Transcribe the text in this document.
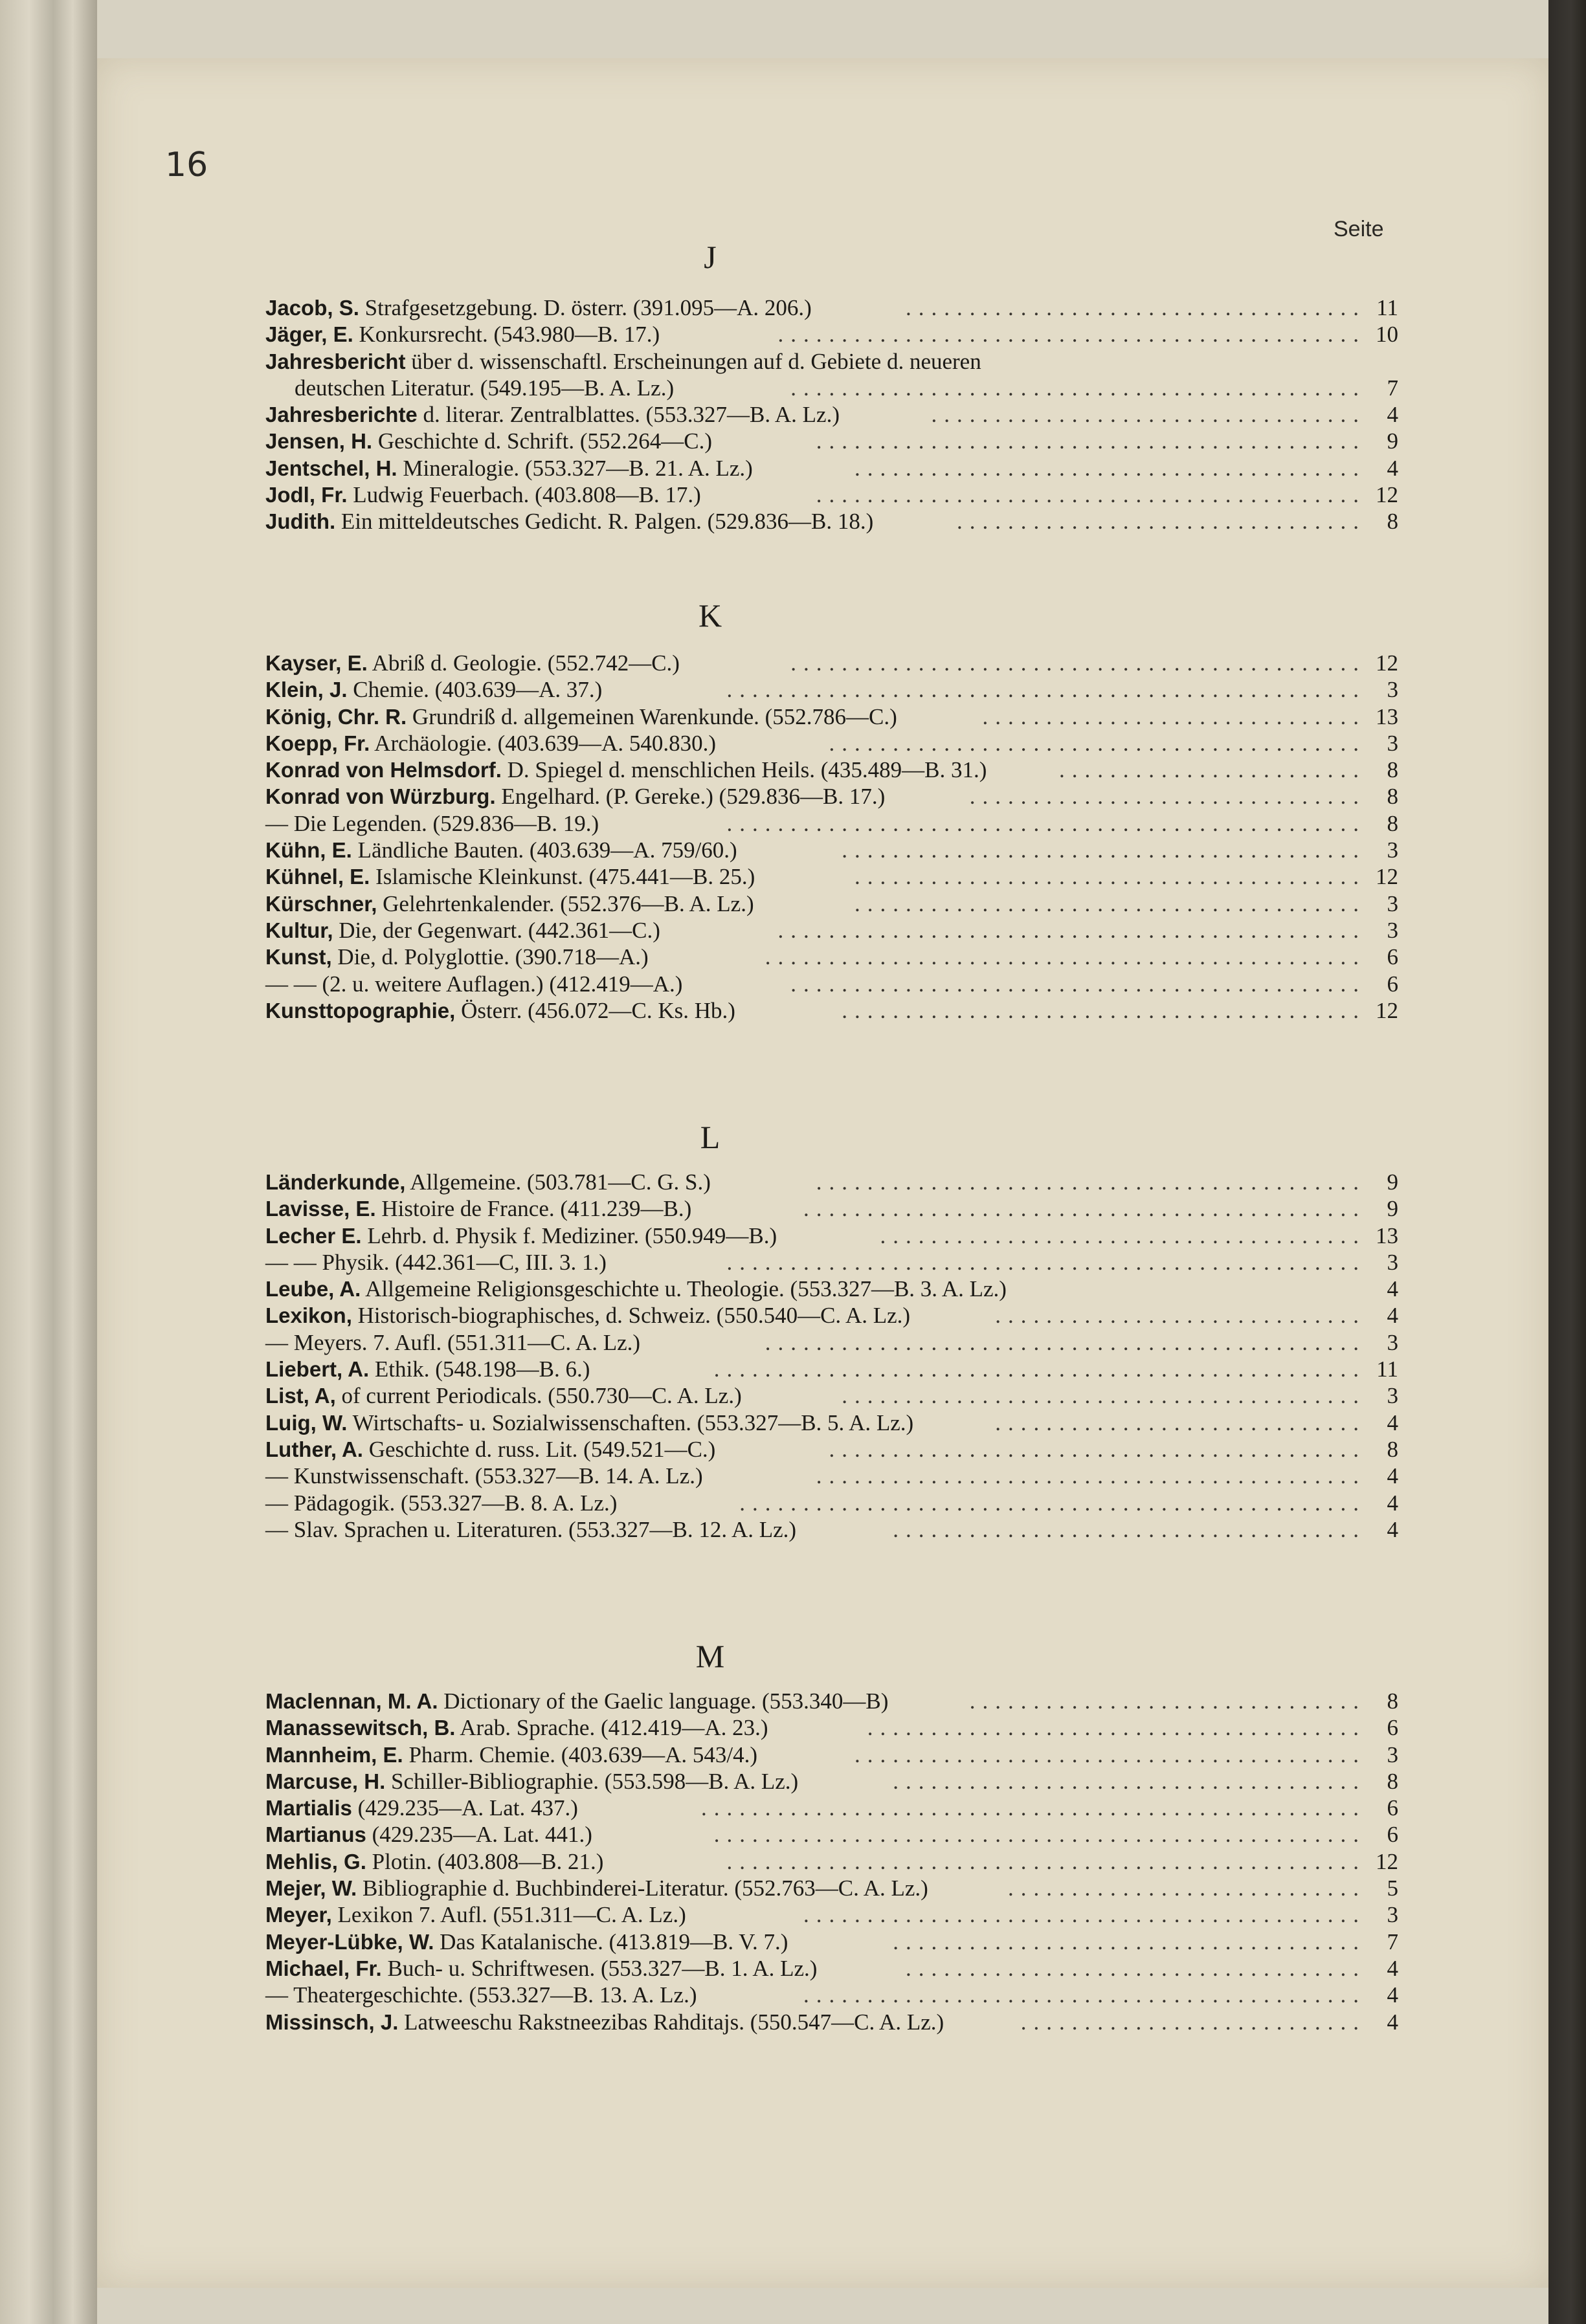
16
Seite
J
Jacob, S. Strafgesetzgebung. D. österr. (391.095—A. 206.)	11
....................................
Jäger, E. Konkursrecht. (543.980—B. 17.)	10
..............................................
Jahresbericht über d. wissenschaftl. Erscheinungen auf d. Gebiete d. neueren
deutschen Literatur. (549.195—B. A. Lz.)	7
.............................................
Jahresberichte d. literar. Zentralblattes. (553.327—B. A. Lz.)	4
..................................
Jensen, H. Geschichte d. Schrift. (552.264—C.)	9
...........................................
Jentschel, H. Mineralogie. (553.327—B. 21. A. Lz.)	4
........................................
Jodl, Fr. Ludwig Feuerbach. (403.808—B. 17.)	12
...........................................
Judith. Ein mitteldeutsches Gedicht. R. Palgen. (529.836—B. 18.)	8
................................
K
Kayser, E. Abriß d. Geologie. (552.742—C.)	12
.............................................
Klein, J. Chemie. (403.639—A. 37.)	3
..................................................
König, Chr. R. Grundriß d. allgemeinen Warenkunde. (552.786—C.)	13
..............................
Koepp, Fr. Archäologie. (403.639—A. 540.830.)	3
..........................................
Konrad von Helmsdorf. D. Spiegel d. menschlichen Heils. (435.489—B. 31.)	8
........................
Konrad von Würzburg. Engelhard. (P. Gereke.) (529.836—B. 17.)	8
...............................
— Die Legenden. (529.836—B. 19.)	8
..................................................
Kühn, E. Ländliche Bauten. (403.639—A. 759/60.)	3
.........................................
Kühnel, E. Islamische Kleinkunst. (475.441—B. 25.)	12
........................................
Kürschner, Gelehrtenkalender. (552.376—B. A. Lz.)	3
........................................
Kultur, Die, der Gegenwart. (442.361—C.)	3
..............................................
Kunst, Die, d. Polyglottie. (390.718—A.)	6
...............................................
— — (2. u. weitere Auflagen.) (412.419—A.)	6
.............................................
Kunsttopographie, Österr. (456.072—C. Ks. Hb.)	12
.........................................
L
Länderkunde, Allgemeine. (503.781—C. G. S.)	9
...........................................
Lavisse, E. Histoire de France. (411.239—B.)	9
............................................
Lecher E. Lehrb. d. Physik f. Mediziner. (550.949—B.)	13
......................................
— — Physik. (442.361—C, III. 3. 1.)	3
..................................................
Leube, A. Allgemeine Religionsgeschichte u. Theologie. (553.327—B. 3. A. Lz.)	4
Lexikon, Historisch-biographisches, d. Schweiz. (550.540—C. A. Lz.)	4
.............................
— Meyers. 7. Aufl. (551.311—C. A. Lz.)	3
...............................................
Liebert, A. Ethik. (548.198—B. 6.)	11
...................................................
List, A, of current Periodicals. (550.730—C. A. Lz.)	3
.........................................
Luig, W. Wirtschafts- u. Sozialwissenschaften. (553.327—B. 5. A. Lz.)	4
.............................
Luther, A. Geschichte d. russ. Lit. (549.521—C.)	8
..........................................
— Kunstwissenschaft. (553.327—B. 14. A. Lz.)	4
...........................................
— Pädagogik. (553.327—B. 8. A. Lz.)	4
.................................................
— Slav. Sprachen u. Literaturen. (553.327—B. 12. A. Lz.)	4
.....................................
M
Maclennan, M. A. Dictionary of the Gaelic language. (553.340—B)	8
...............................
Manassewitsch, B. Arab. Sprache. (412.419—A. 23.)	6
.......................................
Mannheim, E. Pharm. Chemie. (403.639—A. 543/4.)	3
........................................
Marcuse, H. Schiller-Bibliographie. (553.598—B. A. Lz.)	8
.....................................
Martialis (429.235—A. Lat. 437.)	6
....................................................
Martianus (429.235—A. Lat. 441.)	6
...................................................
Mehlis, G. Plotin. (403.808—B. 21.)	12
..................................................
Mejer, W. Bibliographie d. Buchbinderei-Literatur. (552.763—C. A. Lz.)	5
............................
Meyer, Lexikon 7. Aufl. (551.311—C. A. Lz.)	3
............................................
Meyer-Lübke, W. Das Katalanische. (413.819—B. V. 7.)	7
.....................................
Michael, Fr. Buch- u. Schriftwesen. (553.327—B. 1. A. Lz.)	4
....................................
— Theatergeschichte. (553.327—B. 13. A. Lz.)	4
............................................
Missinsch, J. Latweeschu Rakstneezibas Rahditajs. (550.547—C. A. Lz.)	4
...........................
